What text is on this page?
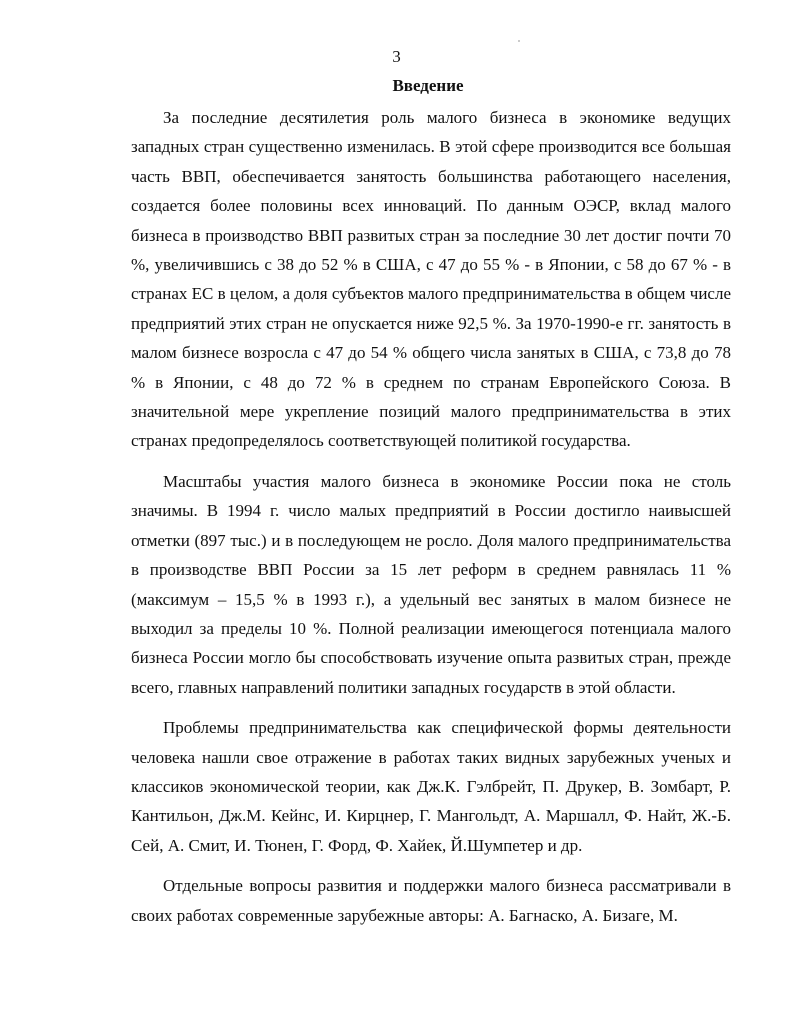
3
Введение

За последние десятилетия роль малого бизнеса в экономике ведущих западных стран существенно изменилась. В этой сфере производится все большая часть ВВП, обеспечивается занятость большинства работающего населения, создается более половины всех инноваций. По данным ОЭСР, вклад малого бизнеса в производство ВВП развитых стран за последние 30 лет достиг почти 70 %, увеличившись с 38 до 52 % в США, с 47 до 55 % - в Японии, с 58 до 67 % - в странах ЕС в целом, а доля субъектов малого предпринимательства в общем числе предприятий этих стран не опускается ниже 92,5 %. За 1970-1990-е гг. занятость в малом бизнесе возросла с 47 до 54 % общего числа занятых в США, с 73,8 до 78 % в Японии, с 48 до 72 % в среднем по странам Европейского Союза. В значительной мере укрепление позиций малого предпринимательства в этих странах предопределялось соответствующей политикой государства.

Масштабы участия малого бизнеса в экономике России пока не столь значимы. В 1994 г. число малых предприятий в России достигло наивысшей отметки (897 тыс.) и в последующем не росло. Доля малого предпринимательства в производстве ВВП России за 15 лет реформ в среднем равнялась 11 % (максимум – 15,5 % в 1993 г.), а удельный вес занятых в малом бизнесе не выходил за пределы 10 %. Полной реализации имеющегося потенциала малого бизнеса России могло бы способствовать изучение опыта развитых стран, прежде всего, главных направлений политики западных государств в этой области.

Проблемы предпринимательства как специфической формы деятельности человека нашли свое отражение в работах таких видных зарубежных ученых и классиков экономической теории, как Дж.К. Гэлбрейт, П. Друкер, В. Зомбарт, Р. Кантильон, Дж.М. Кейнс, И. Кирцнер, Г. Мангольдт, А. Маршалл, Ф. Найт, Ж.-Б. Сей, А. Смит, И. Тюнен, Г. Форд, Ф. Хайек, Й.Шумпетер и др.

Отдельные вопросы развития и поддержки малого бизнеса рассматривали в своих работах современные зарубежные авторы: А. Багнаско, А. Бизаге, М.
